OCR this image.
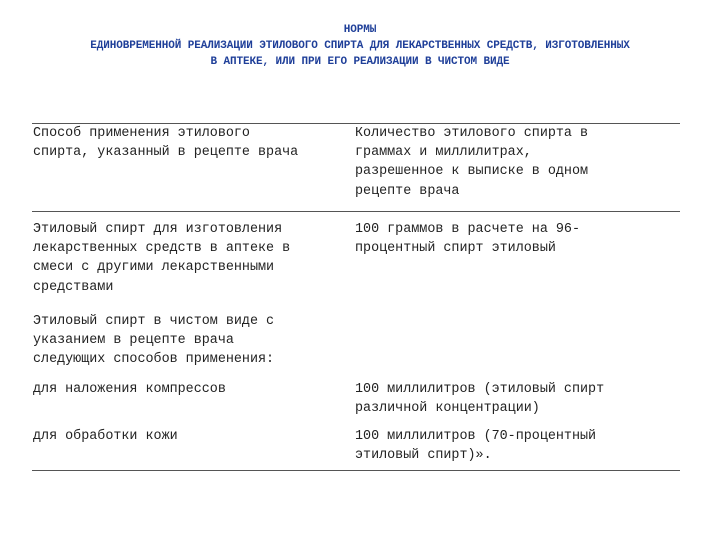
НОРМЫ
ЕДИНОВРЕМЕННОЙ РЕАЛИЗАЦИИ ЭТИЛОВОГО СПИРТА ДЛЯ ЛЕКАРСТВЕННЫХ СРЕДСТВ, ИЗГОТОВЛЕННЫХ
В АПТЕКЕ, ИЛИ ПРИ ЕГО РЕАЛИЗАЦИИ В ЧИСТОМ ВИДЕ
Способ применения этилового
спирта, указанный в рецепте врача
Количество этилового спирта в
граммах и миллилитрах,
разрешенное к выписке в одном
рецепте врача
Этиловый спирт для изготовления
лекарственных средств в аптеке в
смеси с другими лекарственными
средствами
100 граммов в расчете на 96-
процентный спирт этиловый
Этиловый спирт в чистом виде с
указанием в рецепте врача
следующих способов применения:
для наложения компрессов	100 миллилитров (этиловый спирт
различной концентрации)
для обработки кожи	100 миллилитров (70-процентный
этиловый спирт)».
